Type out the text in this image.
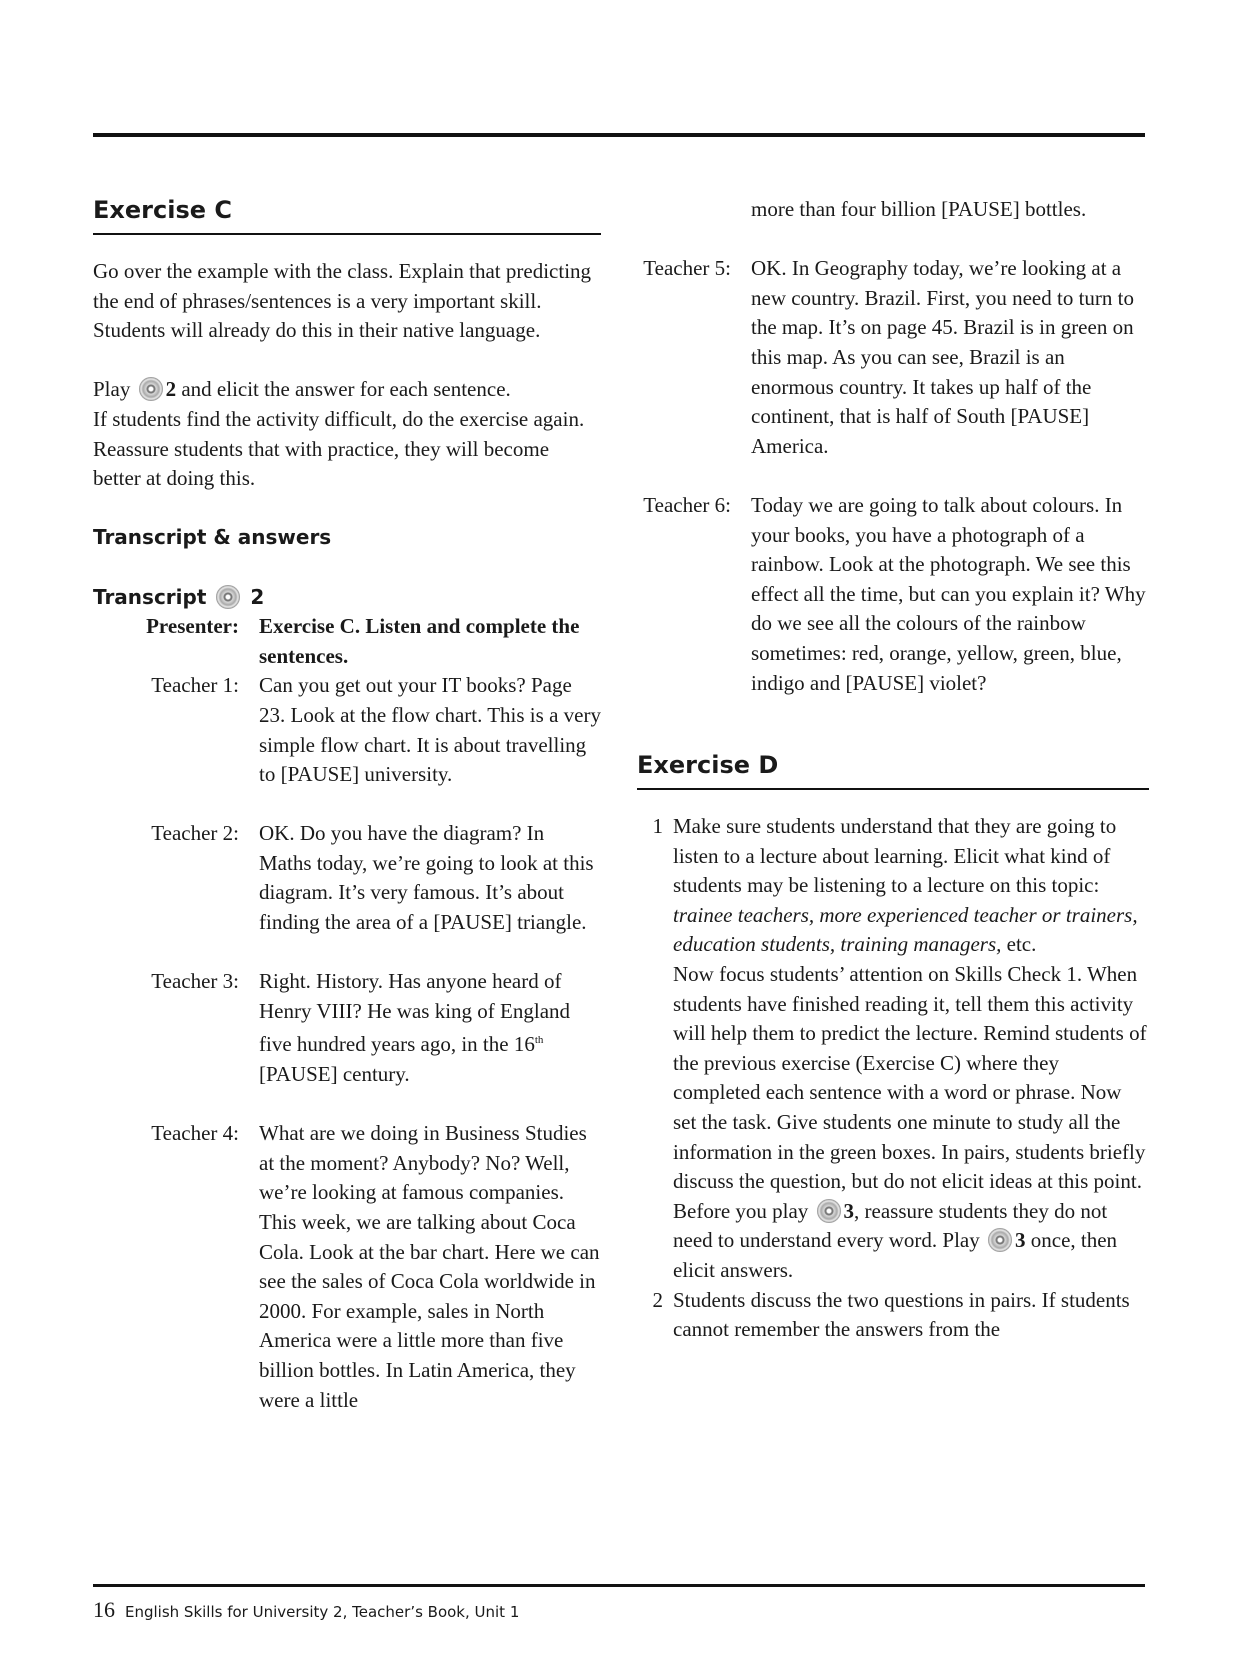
Exercise C

Go over the example with the class. Explain that predicting the end of phrases/sentences is a very important skill. Students will already do this in their native language.

Play 2 and elicit the answer for each sentence.
If students find the activity difficult, do the exercise again. Reassure students that with practice, they will become better at doing this.

Transcript & answers

Transcript 2

Presenter: Exercise C. Listen and complete the sentences.
Teacher 1: Can you get out your IT books? Page 23. Look at the flow chart. This is a very simple flow chart. It is about travelling to [PAUSE] university.
Teacher 2: OK. Do you have the diagram? In Maths today, we’re going to look at this diagram. It’s very famous. It’s about finding the area of a [PAUSE] triangle.
Teacher 3: Right. History. Has anyone heard of Henry VIII? He was king of England five hundred years ago, in the 16th [PAUSE] century.
Teacher 4: What are we doing in Business Studies at the moment? Anybody? No? Well, we’re looking at famous companies. This week, we are talking about Coca Cola. Look at the bar chart. Here we can see the sales of Coca Cola worldwide in 2000. For example, sales in North America were a little more than five billion bottles. In Latin America, they were a little
more than four billion [PAUSE] bottles.
Teacher 5: OK. In Geography today, we’re looking at a new country. Brazil. First, you need to turn to the map. It’s on page 45. Brazil is in green on this map. As you can see, Brazil is an enormous country. It takes up half of the continent, that is half of South [PAUSE] America.
Teacher 6: Today we are going to talk about colours. In your books, you have a photograph of a rainbow. Look at the photograph. We see this effect all the time, but can you explain it? Why do we see all the colours of the rainbow sometimes: red, orange, yellow, green, blue, indigo and [PAUSE] violet?
Exercise D
1 Make sure students understand that they are going to listen to a lecture about learning. Elicit what kind of students may be listening to a lecture on this topic: trainee teachers, more experienced teacher or trainers, education students, training managers, etc.
Now focus students’ attention on Skills Check 1. When students have finished reading it, tell them this activity will help them to predict the lecture. Remind students of the previous exercise (Exercise C) where they completed each sentence with a word or phrase. Now set the task. Give students one minute to study all the information in the green boxes. In pairs, students briefly discuss the question, but do not elicit ideas at this point. Before you play 3, reassure students they do not need to understand every word. Play 3 once, then elicit answers.
2 Students discuss the two questions in pairs. If students cannot remember the answers from the
16 English Skills for University 2, Teacher’s Book, Unit 1
